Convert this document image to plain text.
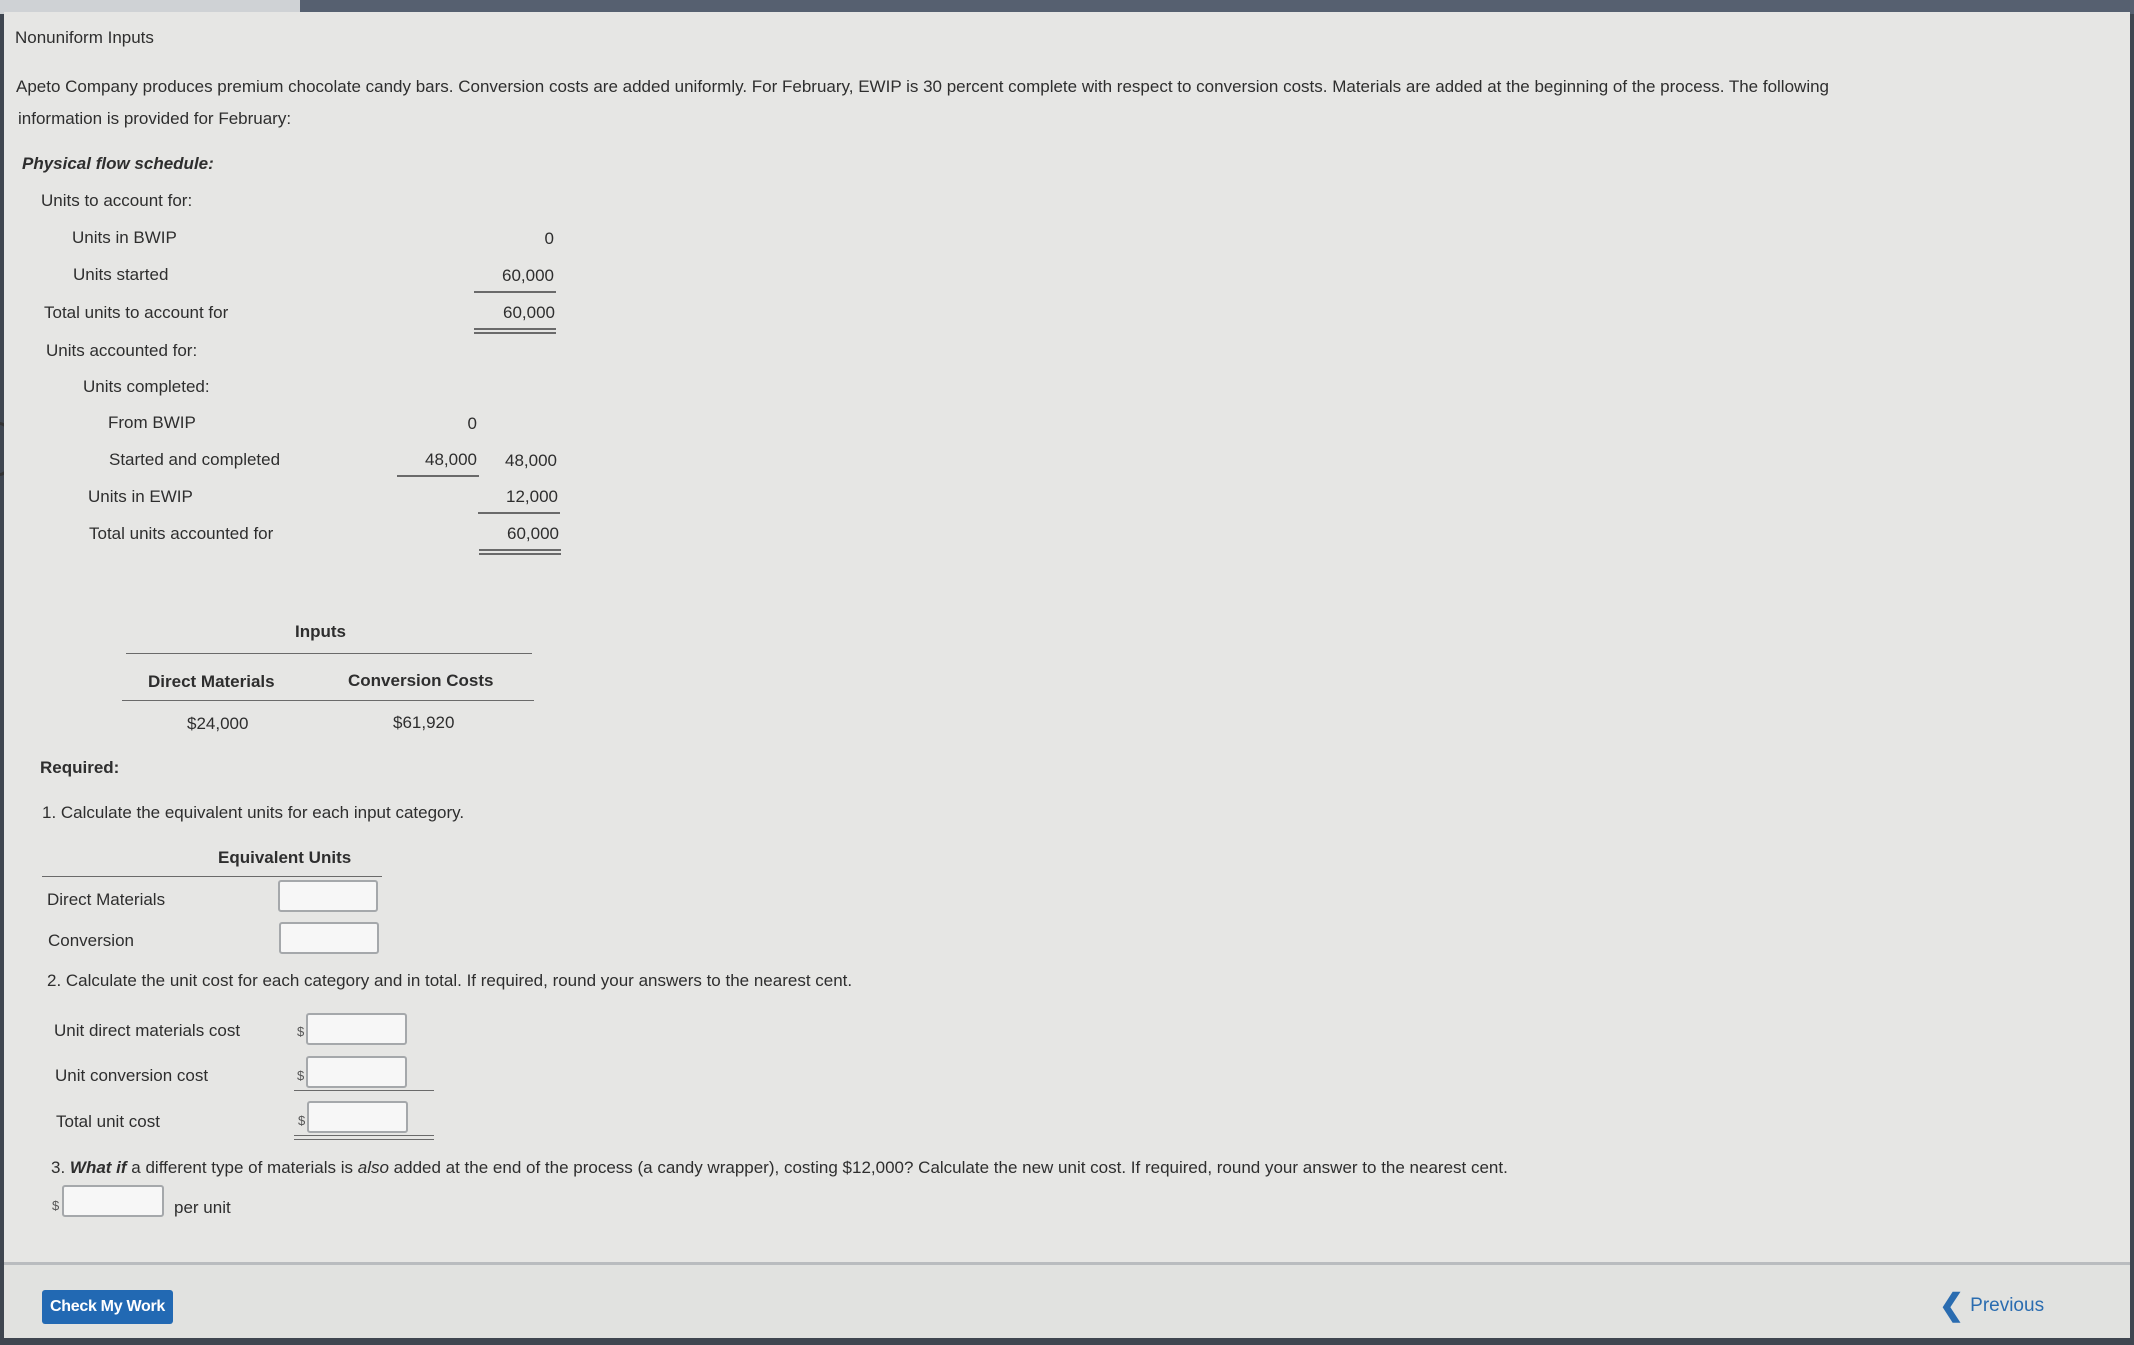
Nonuniform Inputs
Apeto Company produces premium chocolate candy bars. Conversion costs are added uniformly. For February, EWIP is 30 percent complete with respect to conversion costs. Materials are added at the beginning of the process. The following
information is provided for February:
Physical flow schedule:
Units to account for:
Units in BWIP	0
Units started	60,000
Total units to account for	60,000
Units accounted for:
Units completed:
From BWIP	0
Started and completed	48,000	48,000
Units in EWIP	12,000
Total units accounted for	60,000
Inputs
Direct Materials	Conversion Costs
$24,000	$61,920
Required:
1. Calculate the equivalent units for each input category.
Equivalent Units
Direct Materials
Conversion
2. Calculate the unit cost for each category and in total. If required, round your answers to the nearest cent.
Unit direct materials cost	$
Unit conversion cost	$
Total unit cost	$
3. What if a different type of materials is also added at the end of the process (a candy wrapper), costing $12,000? Calculate the new unit cost. If required, round your answer to the nearest cent.
$	per unit
Check My Work	❮ Previous
